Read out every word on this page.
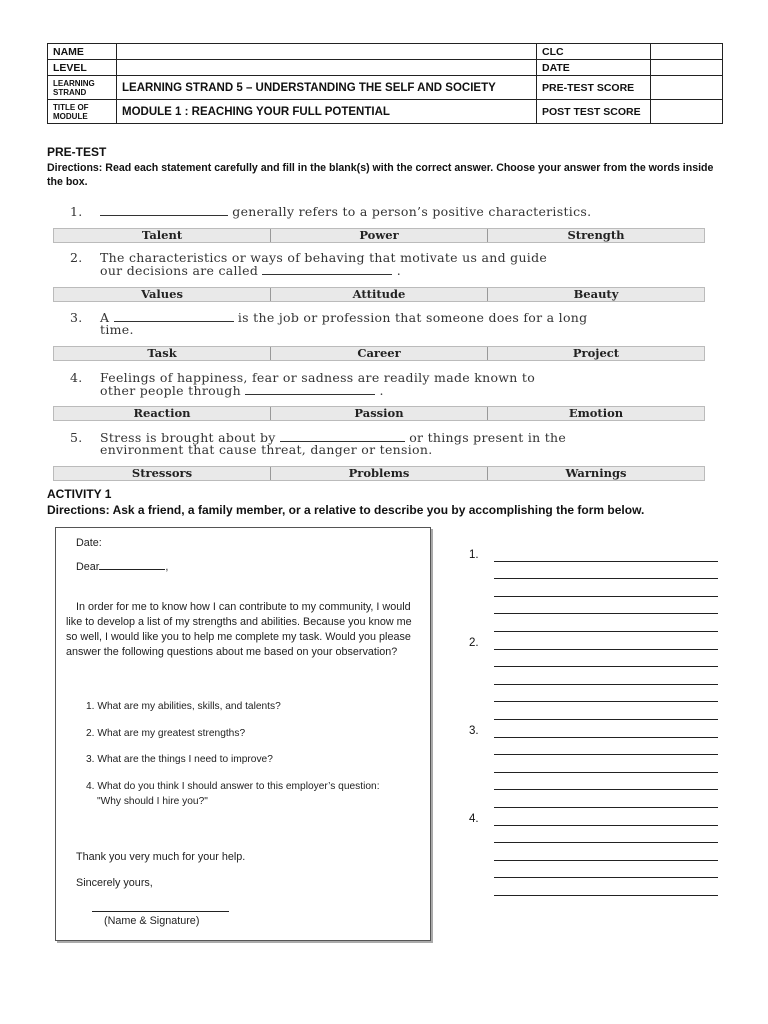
NAME		CLC	
LEVEL		DATE	
LEARNING
STRAND	LEARNING STRAND 5 – UNDERSTANDING THE SELF AND SOCIETY	PRE-TEST SCORE	
TITLE OF
MODULE	MODULE 1 : REACHING YOUR FULL POTENTIAL	POST TEST SCORE	
PRE-TEST
Directions: Read each statement carefully and fill in the blank(s) with the correct answer. Choose your answer from the words inside the box.
1.	generally refers to a person’s positive characteristics.
Talent	Power	Strength
2. The characteristics or ways of behaving that motivate us and guide
our decisions are called	.
Values	Attitude	Beauty
3. A	is the job or profession that someone does for a long
time.
Task	Career	Project
4. Feelings of happiness, fear or sadness are readily made known to
other people through	.
Reaction	Passion	Emotion
5. Stress is brought about by	or things present in the
environment that cause threat, danger or tension.
Stressors	Problems	Warnings
ACTIVITY 1
Directions: Ask a friend, a family member, or a relative to describe you by accomplishing the form below.
Date:
Dear	,
In order for me to know how I can contribute to my community, I would like to develop a list of my strengths and abilities. Because you know me so well, I would like you to help me complete my task. Would you please answer the following questions about me based on your observation?
1. What are my abilities, skills, and talents?
2. What are my greatest strengths?
3. What are the things I need to improve?
4. What do you think I should answer to this employer’s question:
"Why should I hire you?"
Thank you very much for your help.
Sincerely yours,
(Name & Signature)
1.
2.
3.
4.
